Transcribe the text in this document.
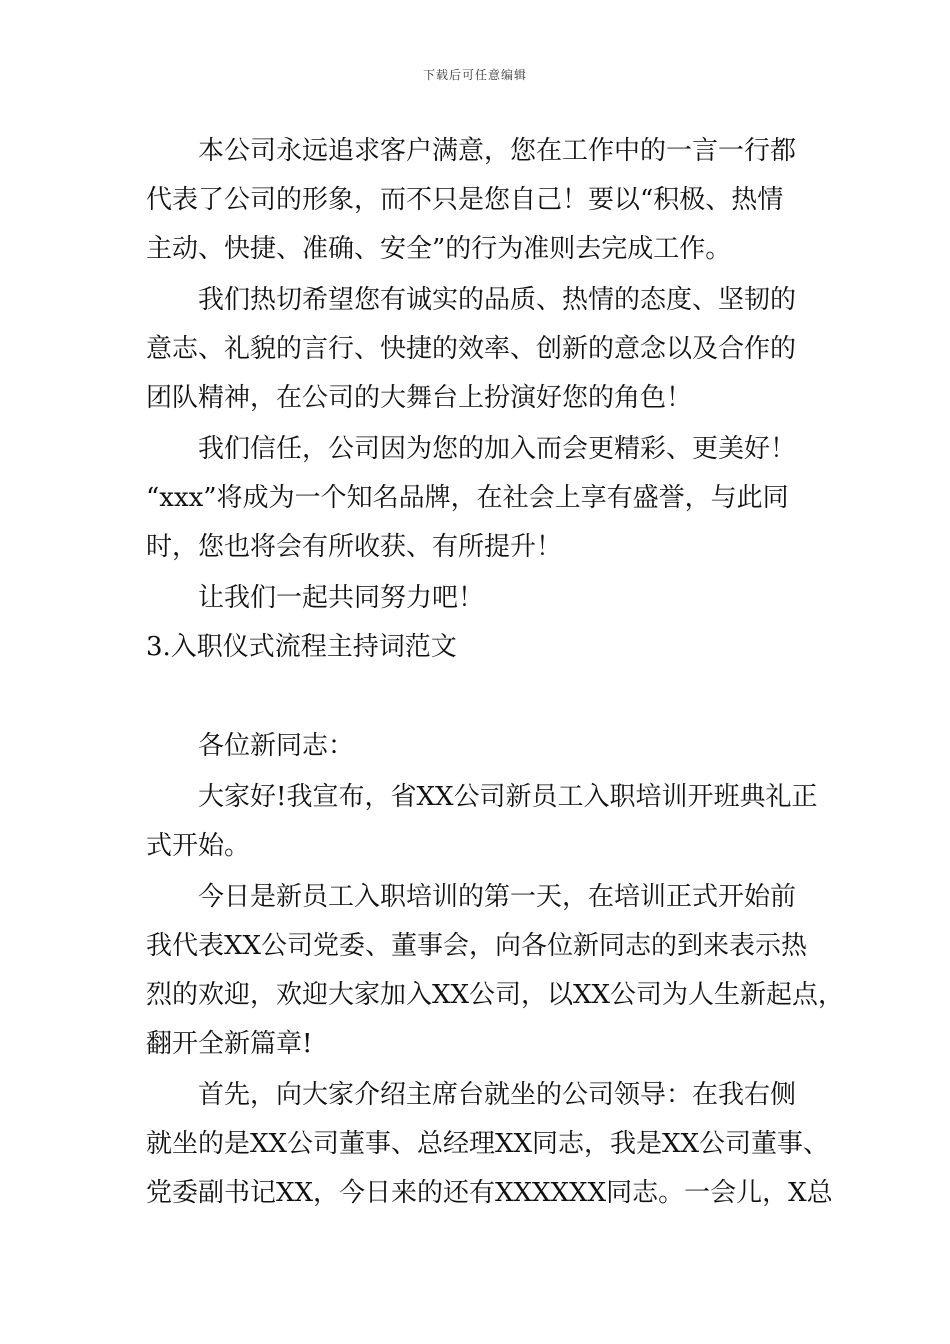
下载后可任意编辑

本公司永远追求客户满意，您在工作中的一言一行都

代表了公司的形象，而不只是您自己！要以“积极、热情

主动、快捷、准确、安全”的行为准则去完成工作。

我们热切希望您有诚实的品质、热情的态度、坚韧的

意志、礼貌的言行、快捷的效率、创新的意念以及合作的

团队精神，在公司的大舞台上扮演好您的角色！

我们信任，公司因为您的加入而会更精彩、更美好！

“xxx”将成为一个知名品牌，在社会上享有盛誉，与此同

时，您也将会有所收获、有所提升！

让我们一起共同努力吧！

3.入职仪式流程主持词范文

各位新同志：

大家好!我宣布，省XX公司新员工入职培训开班典礼正

式开始。

今日是新员工入职培训的第一天，在培训正式开始前

我代表XX公司党委、董事会，向各位新同志的到来表示热

烈的欢迎，欢迎大家加入XX公司，以XX公司为人生新起点，

翻开全新篇章!

首先，向大家介绍主席台就坐的公司领导：在我右侧

就坐的是XX公司董事、总经理XX同志，我是XX公司董事、

党委副书记XX，今日来的还有XXXXXX同志。一会儿，X总
